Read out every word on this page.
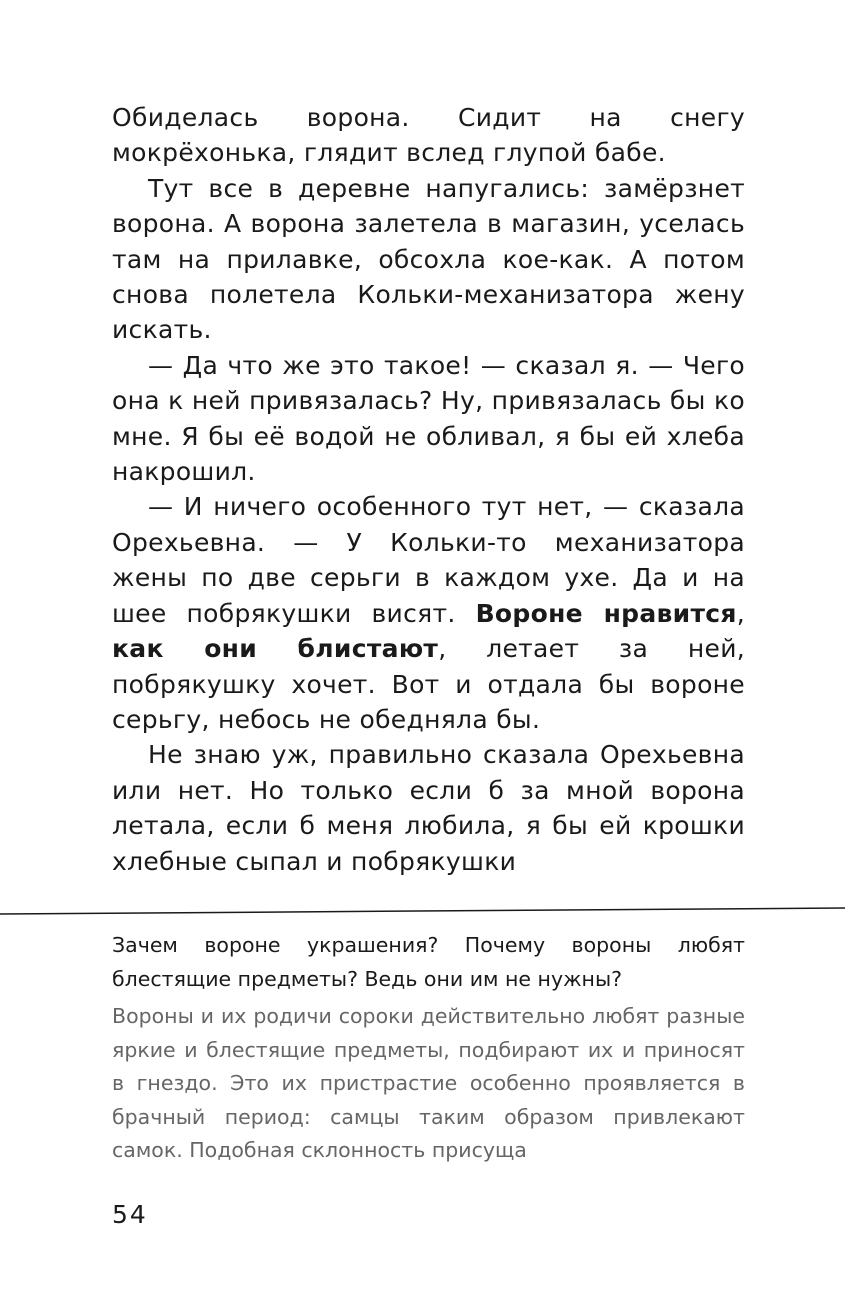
Обиделась ворона. Сидит на снегу мокрёхонька, глядит вслед глупой бабе.

Тут все в деревне напугались: замёрзнет ворона. А ворона залетела в магазин, уселась там на прилавке, обсохла кое-как. А потом снова полетела Кольки-механизатора жену искать.

— Да что же это такое! — сказал я. — Чего она к ней привязалась? Ну, привязалась бы ко мне. Я бы её водой не обливал, я бы ей хлеба накрошил.

— И ничего особенного тут нет, — сказала Орехьевна. — У Кольки-то механизатора жены по две серьги в каждом ухе. Да и на шее побрякушки висят. Вороне нравится, как они блистают, летает за ней, побрякушку хочет. Вот и отдала бы вороне серьгу, небось не обедняла бы.

Не знаю уж, правильно сказала Орехьевна или нет. Но только если б за мной ворона летала, если б меня любила, я бы ей крошки хлебные сыпал и побрякушки

Зачем вороне украшения? Почему вороны любят блестящие предметы? Ведь они им не нужны?
Вороны и их родичи сороки действительно любят разные яркие и блестящие предметы, подбирают их и приносят в гнездо. Это их пристрастие особенно проявляется в брачный период: самцы таким образом привлекают самок. Подобная склонность присуща
54
